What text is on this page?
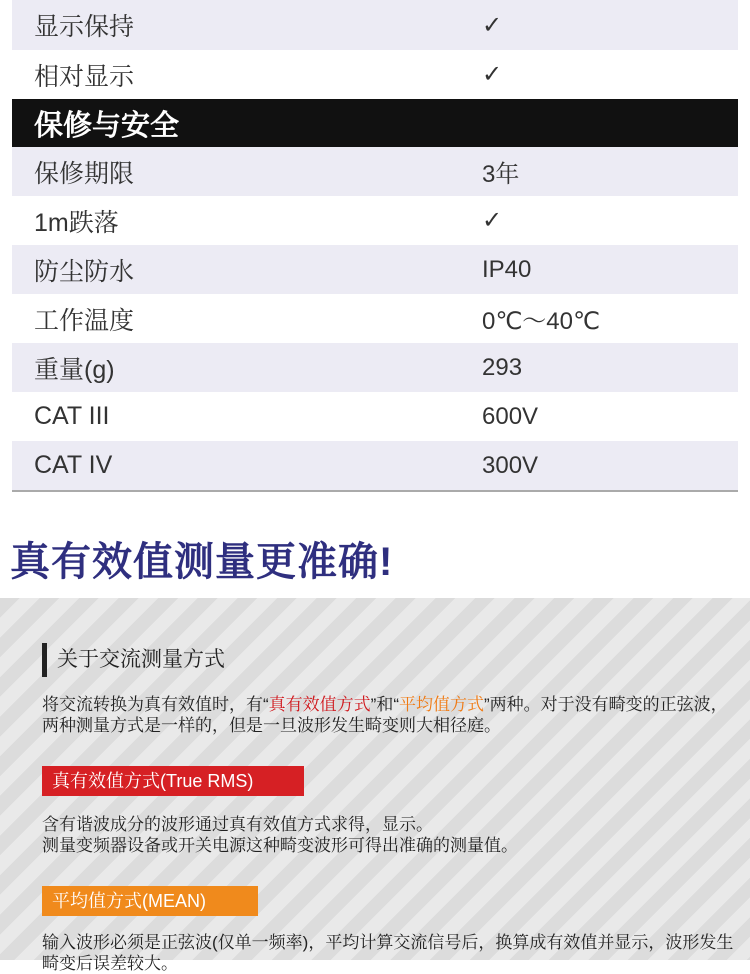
显示保持	✓
相对显示	✓
保修与安全
保修期限	3年
1m跌落	✓
防尘防水	IP40
工作温度	0℃～40℃
重量(g)	293
CAT III	600V
CAT IV	300V
真有效值测量更准确!
关于交流测量方式
将交流转换为真有效值时，有“真有效值方式”和“平均值方式”两种。对于没有畸变的正弦波，两种测量方式是一样的，但是一旦波形发生畸变则大相径庭。
真有效值方式(True RMS)
含有谐波成分的波形通过真有效值方式求得，显示。
测量变频器设备或开关电源这种畸变波形可得出准确的测量值。
平均值方式(MEAN)
输入波形必须是正弦波(仅单一频率)，平均计算交流信号后，换算成有效值并显示，波形发生畸变后误差较大。
